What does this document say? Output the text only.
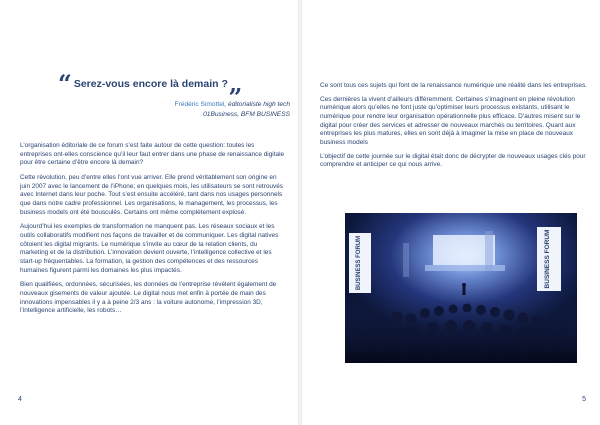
“ Serez-vous encore là demain ?„
Frédéric Simottel, éditorialiste high tech
01Business, BFM BUSINESS

L’organisation éditoriale de ce forum s’est faite autour de cette question: toutes les entreprises ont-elles conscience qu’il leur faut entrer dans une phase de renaissance digitale pour être certaine d’être encore là demain?

Cette révolution, peu d’entre elles l’ont vue arriver. Elle prend véritablement son origine en juin 2007 avec le lancement de l’iPhone; en quelques mois, les utilisateurs se sont retrouvés avec Internet dans leur poche. Tout s’est ensuite accéléré, tant dans nos usages personnels que dans notre cadre professionnel. Les organisations, le management, les processus, les business models ont été bousculés. Certains ont même complètement explosé.

Aujourd’hui les exemples de transformation ne manquent pas. Les réseaux sociaux et les outils collaboratifs modifient nos façons de travailler et de communiquer. Les digital natives côtoient les digital migrants. Le numérique s’invite au cœur de la relation clients, du marketing et de la distribution. L’innovation devient ouverte, l’intelligence collective et les start-up fréquentables. La formation, la gestion des compétences et des ressources humaines figurent parmi les domaines les plus impactés.

Bien qualifiées, ordonnées, sécurisées, les données de l’entreprise révèlent également de nouveaux gisements de valeur ajoutée. Le digital nous met enfin à portée de main des innovations impensables il y a à peine 2/3 ans : la voiture autonome, l’impression 3D, l’intelligence artificielle, les robots…

4

Ce sont tous ces sujets qui font de la renaissance numérique une réalité dans les entreprises.

Ces dernières la vivent d’ailleurs différemment. Certaines s’imaginent en pleine révolution numérique alors qu’elles ne font juste qu’optimiser leurs processus existants, utilisant le numérique pour rendre leur organisation opérationnelle plus efficace. D’autres misent sur le digital pour créer des services et adresser de nouveaux marchés ou territoires. Quant aux entreprises les plus matures, elles en sont déjà à imaginer la mise en place de nouveaux business models

L’objectif de cette journée sur le digital était donc de décrypter de nouveaux usages clés pour comprendre et anticiper ce qui nous arrive.

BUSINESS FORUM	BUSINESS FORUM
5
